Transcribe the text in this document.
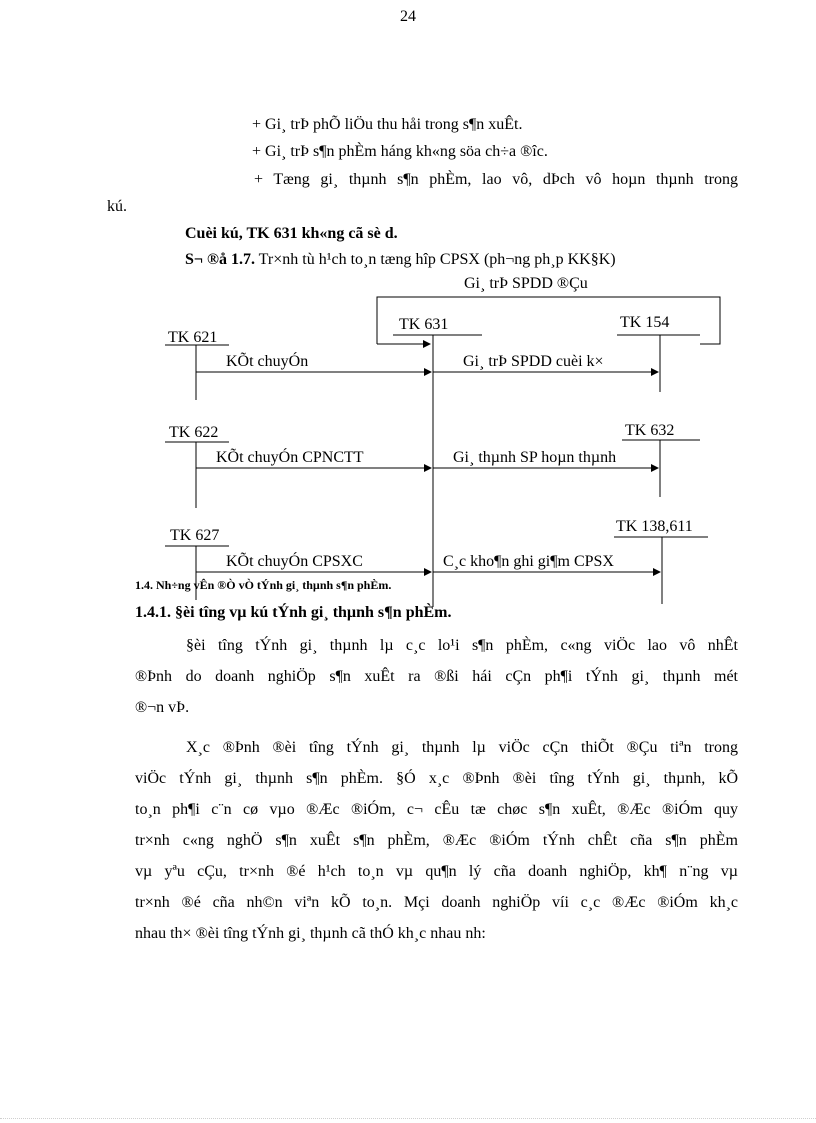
24
+ Gi¸ trÞ phÕ liÖu thu håi trong s¶n xuÊt.
+ Gi¸ trÞ s¶n phÈm háng kh«ng söa ch÷a ®îc.
+ Tæng gi¸ thµnh s¶n phÈm, lao vô, dÞch vô hoµn thµnh trong
kú.
Cuèi kú, TK 631 kh«ng cã sè d.
S¬ ®å 1.7. Tr×nh tù h¹ch to¸n tæng hîp CPSX (ph¬ng ph¸p KK§K)
Gi¸ trÞ SPDD ®Çu
TK 631	TK 154
TK 621
KÕt chuyÓn	Gi¸ trÞ SPDD cuèi k×
TK 622	TK 632
KÕt chuyÓn CPNCTT	Gi¸ thµnh SP hoµn thµnh
TK 138,611
TK 627
KÕt chuyÓn CPSXC	C¸c kho¶n ghi gi¶m CPSX
1.4. Nh÷ng vÊn ®Ò vÒ tÝnh gi¸ thµnh s¶n phÈm.
1.4.1. §èi tîng vµ kú tÝnh gi¸ thµnh s¶n phÈm.
§èi tîng tÝnh gi¸ thµnh lµ c¸c lo¹i s¶n phÈm, c«ng viÖc lao vô nhÊt
®Þnh do doanh nghiÖp s¶n xuÊt ra ®ßi hái cÇn ph¶i tÝnh gi¸ thµnh mét
®¬n vÞ.
X¸c ®Þnh ®èi tîng tÝnh gi¸ thµnh lµ viÖc cÇn thiÕt ®Çu tiªn trong
viÖc tÝnh gi¸ thµnh s¶n phÈm. §Ó x¸c ®Þnh ®èi tîng tÝnh gi¸ thµnh, kÕ
to¸n ph¶i c¨n cø vµo ®Æc ®iÓm, c¬ cÊu tæ chøc s¶n xuÊt, ®Æc ®iÓm quy
tr×nh c«ng nghÖ s¶n xuÊt s¶n phÈm, ®Æc ®iÓm tÝnh chÊt cña s¶n phÈm
vµ yªu cÇu, tr×nh ®é h¹ch to¸n vµ qu¶n lý cña doanh nghiÖp, kh¶ n¨ng vµ
tr×nh ®é cña nh©n viªn kÕ to¸n. Mçi doanh nghiÖp víi c¸c ®Æc ®iÓm kh¸c
nhau th× ®èi tîng tÝnh gi¸ thµnh cã thÓ kh¸c nhau nh:
